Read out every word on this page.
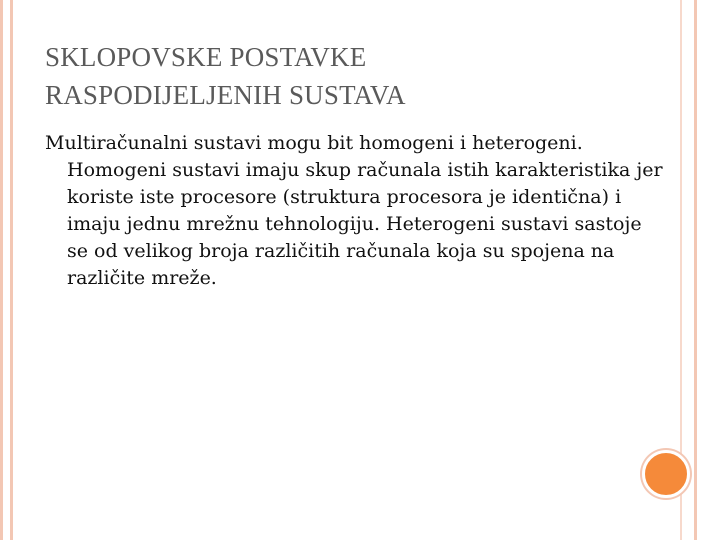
SKLOPOVSKE POSTAVKE
RASPODIJELJENIH SUSTAVA
Multiračunalni sustavi mogu bit homogeni i heterogeni. Homogeni sustavi imaju skup računala istih karakteristika jer koriste iste procesore (struktura procesora je identična) i imaju jednu mrežnu tehnologiju. Heterogeni sustavi sastoje se od velikog broja različitih računala koja su spojena na različite mreže.
